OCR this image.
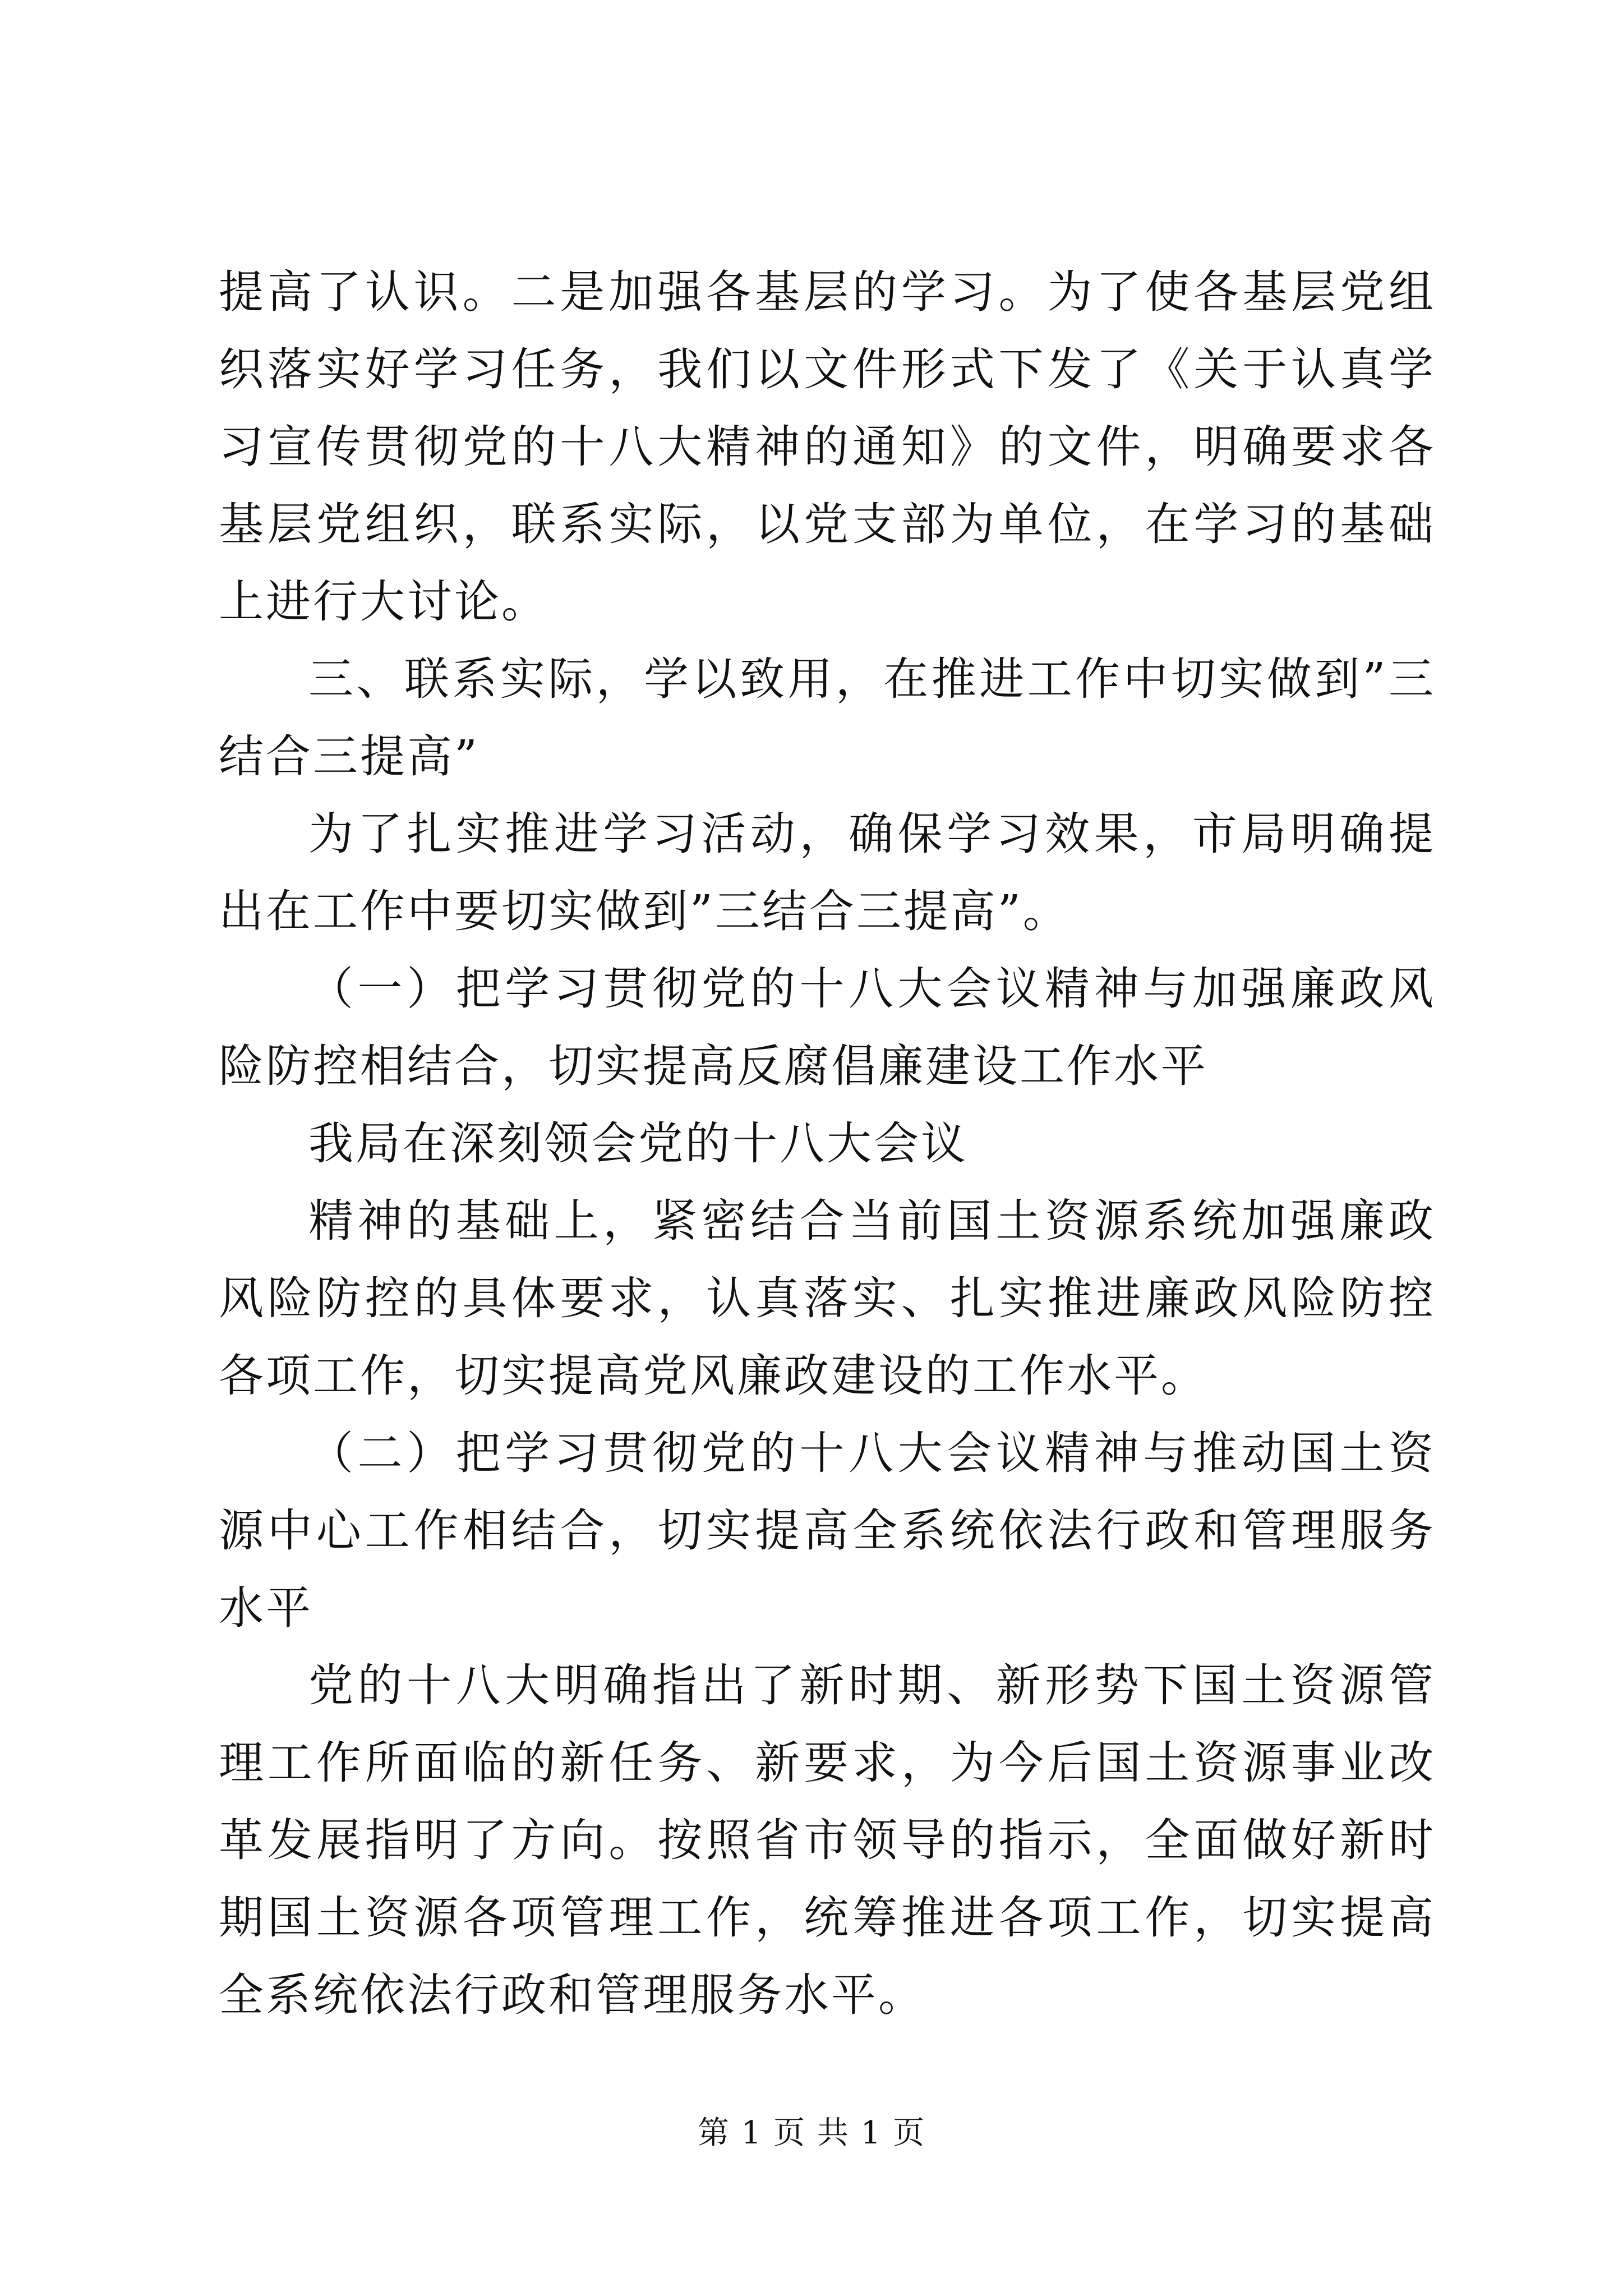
提高了认识。二是加强各基层的学习。为了使各基层党组织落实好学习任务，我们以文件形式下发了《关于认真学习宣传贯彻党的十八大精神的通知》的文件，明确要求各基层党组织，联系实际，以党支部为单位，在学习的基础上进行大讨论。

三、联系实际，学以致用，在推进工作中切实做到”三结合三提高”

为了扎实推进学习活动，确保学习效果，市局明确提出在工作中要切实做到”三结合三提高”。

（一）把学习贯彻党的十八大会议精神与加强廉政风险防控相结合，切实提高反腐倡廉建设工作水平

我局在深刻领会党的十八大会议

精神的基础上，紧密结合当前国土资源系统加强廉政风险防控的具体要求，认真落实、扎实推进廉政风险防控各项工作，切实提高党风廉政建设的工作水平。

（二）把学习贯彻党的十八大会议精神与推动国土资源中心工作相结合，切实提高全系统依法行政和管理服务水平

党的十八大明确指出了新时期、新形势下国土资源管理工作所面临的新任务、新要求，为今后国土资源事业改革发展指明了方向。按照省市领导的指示，全面做好新时期国土资源各项管理工作，统筹推进各项工作，切实提高全系统依法行政和管理服务水平。

第 1 页 共 1 页
